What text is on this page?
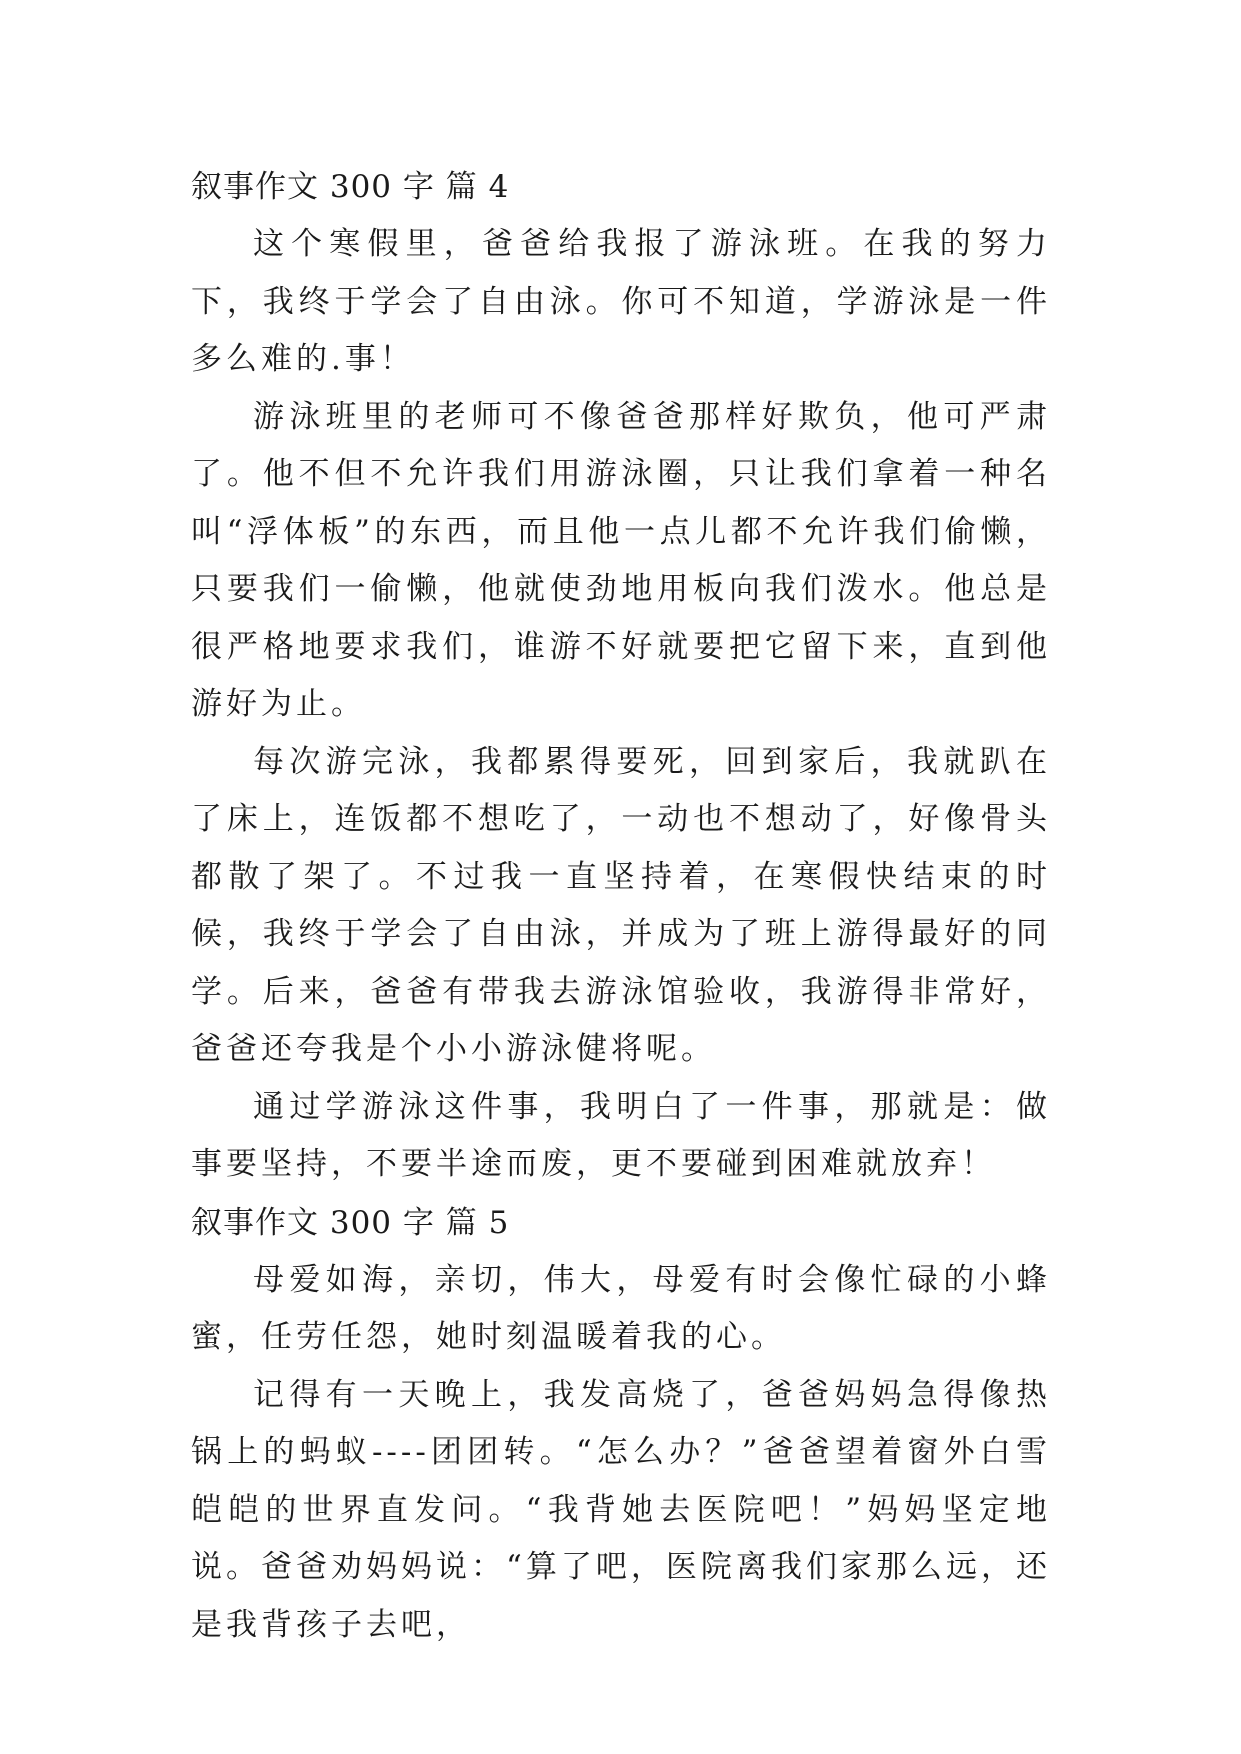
叙事作文 300 字 篇 4

这个寒假里，爸爸给我报了游泳班。在我的努力下，我终于学会了自由泳。你可不知道，学游泳是一件多么难的.事！

游泳班里的老师可不像爸爸那样好欺负，他可严肃了。他不但不允许我们用游泳圈，只让我们拿着一种名叫“浮体板”的东西，而且他一点儿都不允许我们偷懒，只要我们一偷懒，他就使劲地用板向我们泼水。他总是很严格地要求我们，谁游不好就要把它留下来，直到他游好为止。

每次游完泳，我都累得要死，回到家后，我就趴在了床上，连饭都不想吃了，一动也不想动了，好像骨头都散了架了。不过我一直坚持着，在寒假快结束的时候，我终于学会了自由泳，并成为了班上游得最好的同学。后来，爸爸有带我去游泳馆验收，我游得非常好，爸爸还夸我是个小小游泳健将呢。

通过学游泳这件事，我明白了一件事，那就是：做事要坚持，不要半途而废，更不要碰到困难就放弃！

叙事作文 300 字 篇 5

母爱如海，亲切，伟大，母爱有时会像忙碌的小蜂蜜，任劳任怨，她时刻温暖着我的心。

记得有一天晚上，我发高烧了，爸爸妈妈急得像热锅上的蚂蚁----团团转。“怎么办？”爸爸望着窗外白雪皑皑的世界直发问。“我背她去医院吧！”妈妈坚定地说。爸爸劝妈妈说：“算了吧，医院离我们家那么远，还是我背孩子去吧，
